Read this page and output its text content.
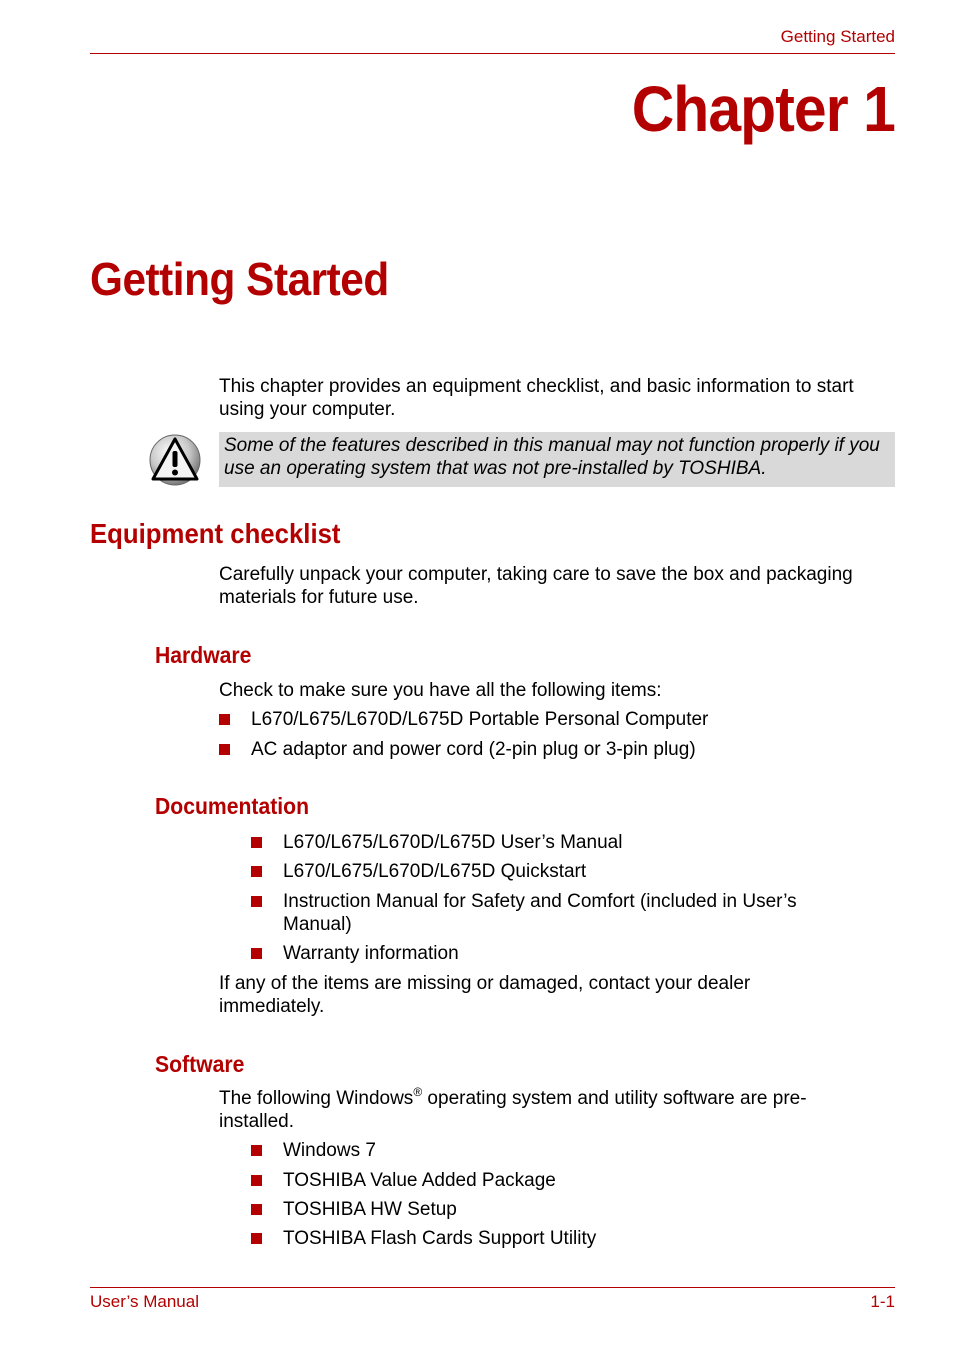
Getting Started
Chapter 1
Getting Started
This chapter provides an equipment checklist, and basic information to start using your computer.
Some of the features described in this manual may not function properly if you use an operating system that was not pre-installed by TOSHIBA.
Equipment checklist
Carefully unpack your computer, taking care to save the box and packaging materials for future use.
Hardware
Check to make sure you have all the following items:
L670/L675/L670D/L675D Portable Personal Computer
AC adaptor and power cord (2-pin plug or 3-pin plug)
Documentation
L670/L675/L670D/L675D User’s Manual
L670/L675/L670D/L675D Quickstart
Instruction Manual for Safety and Comfort (included in User’s Manual)
Warranty information
If any of the items are missing or damaged, contact your dealer immediately.
Software
The following Windows® operating system and utility software are pre-installed.
Windows 7
TOSHIBA Value Added Package
TOSHIBA HW Setup
TOSHIBA Flash Cards Support Utility
User’s Manual	1-1
